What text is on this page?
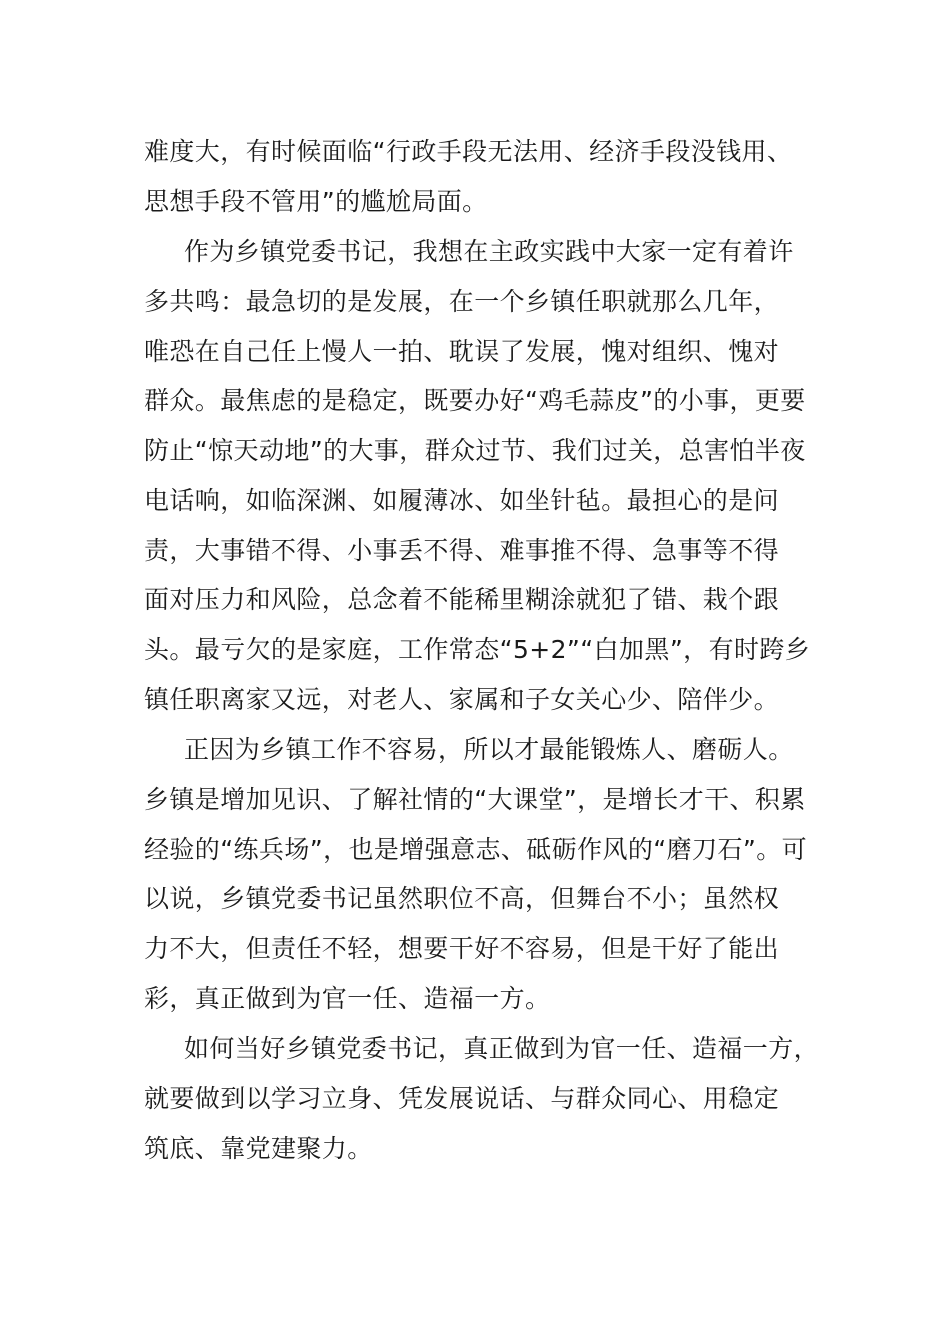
难度大，有时候面临“行政手段无法用、经济手段没钱用、
思想手段不管用”的尴尬局面。
作为乡镇党委书记，我想在主政实践中大家一定有着许
多共鸣：最急切的是发展，在一个乡镇任职就那么几年，
唯恐在自己任上慢人一拍、耽误了发展，愧对组织、愧对
群众。最焦虑的是稳定，既要办好“鸡毛蒜皮”的小事，更要
防止“惊天动地”的大事，群众过节、我们过关，总害怕半夜
电话响，如临深渊、如履薄冰、如坐针毡。最担心的是问
责，大事错不得、小事丢不得、难事推不得、急事等不得
面对压力和风险，总念着不能稀里糊涂就犯了错、栽个跟
头。最亏欠的是家庭，工作常态“5+2”“白加黑”，有时跨乡
镇任职离家又远，对老人、家属和子女关心少、陪伴少。
正因为乡镇工作不容易，所以才最能锻炼人、磨砺人。
乡镇是增加见识、了解社情的“大课堂”，是增长才干、积累
经验的“练兵场”，也是增强意志、砥砺作风的“磨刀石”。可
以说，乡镇党委书记虽然职位不高，但舞台不小；虽然权
力不大，但责任不轻，想要干好不容易，但是干好了能出
彩，真正做到为官一任、造福一方。
如何当好乡镇党委书记，真正做到为官一任、造福一方，
就要做到以学习立身、凭发展说话、与群众同心、用稳定
筑底、靠党建聚力。
